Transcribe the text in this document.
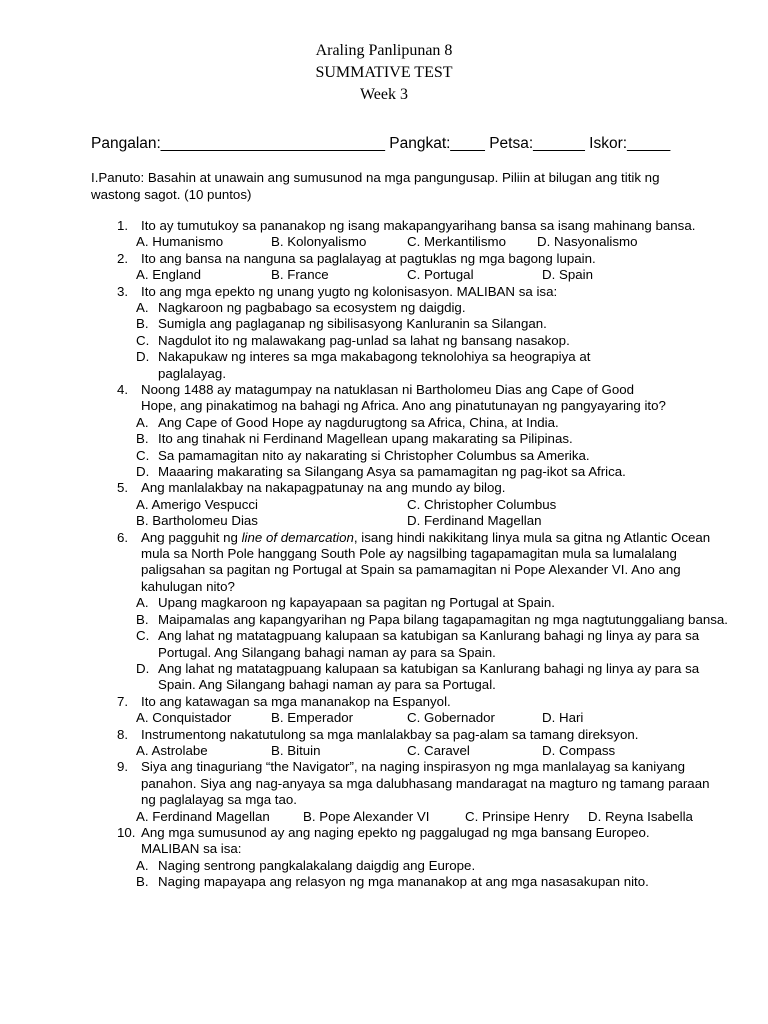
Araling Panlipunan 8
SUMMATIVE TEST
Week 3
Pangalan:__________________________ Pangkat:____ Petsa:______ Iskor:_____
I.Panuto: Basahin at unawain ang sumusunod na mga pangungusap. Piliin at bilugan ang titik ng wastong sagot. (10 puntos)
1. Ito ay tumutukoy sa pananakop ng isang makapangyarihang bansa sa isang mahinang bansa.
A. Humanismo	B. Kolonyalismo	C. Merkantilismo D. Nasyonalismo
2. Ito ang bansa na nanguna sa paglalayag at pagtuklas ng mga bagong lupain.
A. England	B. France	C. Portugal	D. Spain
3. Ito ang mga epekto ng unang yugto ng kolonisasyon. MALIBAN sa isa:
A. Nagkaroon ng pagbabago sa ecosystem ng daigdig.
B. Sumigla ang paglaganap ng sibilisasyong Kanluranin sa Silangan.
C. Nagdulot ito ng malawakang pag-unlad sa lahat ng bansang nasakop.
D. Nakapukaw ng interes sa mga makabagong teknolohiya sa heograpiya at paglalayag.
4. Noong 1488 ay matagumpay na natuklasan ni Bartholomeu Dias ang Cape of Good Hope, ang pinakatimog na bahagi ng Africa. Ano ang pinatutunayan ng pangyayaring ito?
A. Ang Cape of Good Hope ay nagdurugtong sa Africa, China, at India.
B. Ito ang tinahak ni Ferdinand Magellean upang makarating sa Pilipinas.
C. Sa pamamagitan nito ay nakarating si Christopher Columbus sa Amerika.
D. Maaaring makarating sa Silangang Asya sa pamamagitan ng pag-ikot sa Africa.
5. Ang manlalakbay na nakapagpatunay na ang mundo ay bilog.
A. Amerigo Vespucci	C. Christopher Columbus
B. Bartholomeu Dias	D. Ferdinand Magellan
6. Ang pagguhit ng line of demarcation, isang hindi nakikitang linya mula sa gitna ng Atlantic Ocean mula sa North Pole hanggang South Pole ay nagsilbing tagapamagitan mula sa lumalalang paligsahan sa pagitan ng Portugal at Spain sa pamamagitan ni Pope Alexander VI. Ano ang kahulugan nito?
A. Upang magkaroon ng kapayapaan sa pagitan ng Portugal at Spain.
B. Maipamalas ang kapangyarihan ng Papa bilang tagapamagitan ng mga nagtutunggaliang bansa.
C. Ang lahat ng matatagpuang kalupaan sa katubigan sa Kanlurang bahagi ng linya ay para sa Portugal. Ang Silangang bahagi naman ay para sa Spain.
D. Ang lahat ng matatagpuang kalupaan sa katubigan sa Kanlurang bahagi ng linya ay para sa Spain. Ang Silangang bahagi naman ay para sa Portugal.
7. Ito ang katawagan sa mga mananakop na Espanyol.
A. Conquistador	B. Emperador	C. Gobernador	D. Hari
8. Instrumentong nakatutulong sa mga manlalakbay sa pag-alam sa tamang direksyon.
A. Astrolabe	B. Bituin	C. Caravel	D. Compass
9. Siya ang tinaguriang “the Navigator”, na naging inspirasyon ng mga manlalayag sa kaniyang panahon. Siya ang nag-anyaya sa mga dalubhasang mandaragat na magturo ng tamang paraan ng paglalayag sa mga tao.
A. Ferdinand Magellan B. Pope Alexander VI	C. Prinsipe Henry D. Reyna Isabella
10. Ang mga sumusunod ay ang naging epekto ng paggalugad ng mga bansang Europeo. MALIBAN sa isa:
A. Naging sentrong pangkalakalang daigdig ang Europe.
B. Naging mapayapa ang relasyon ng mga mananakop at ang mga nasasakupan nito.
